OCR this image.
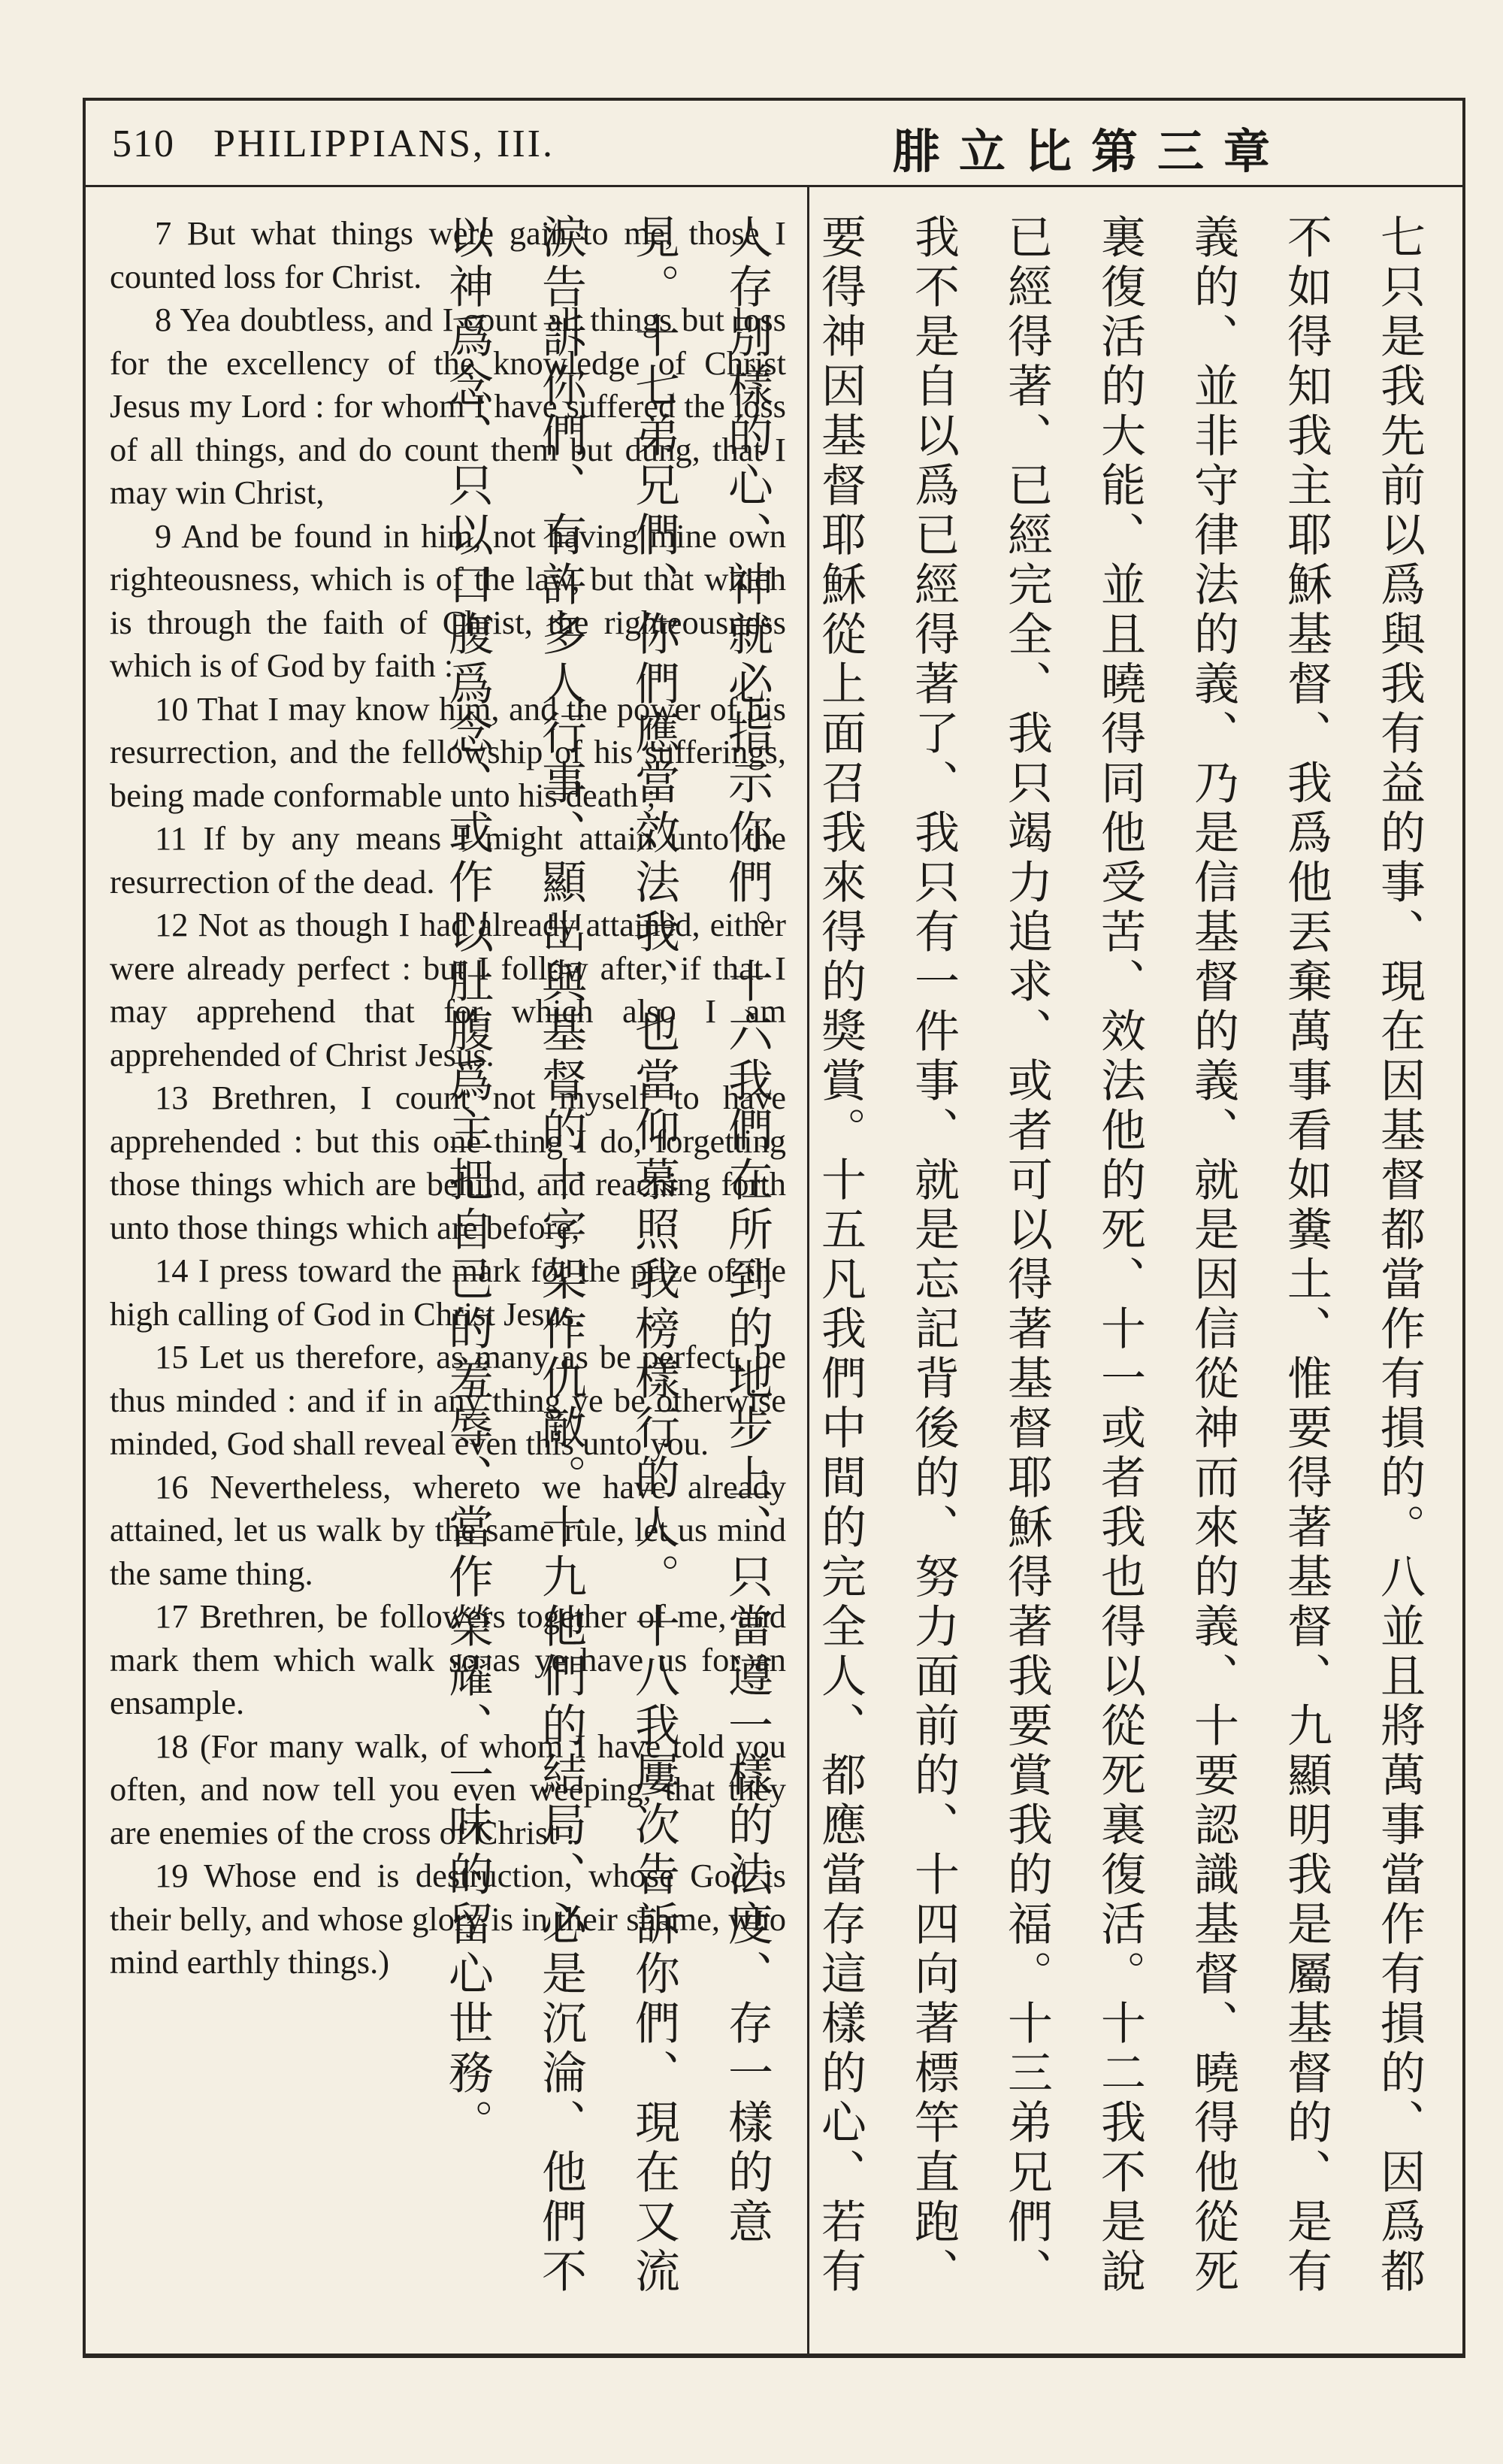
510 PHILIPPIANS, III.	腓立比第三章

7 But what things were gain to me, those I counted loss for Christ.

8 Yea doubtless, and I count all things but loss for the excellency of the knowledge of Christ Jesus my Lord : for whom I have suffered the loss of all things, and do count them but dung, that I may win Christ,

9 And be found in him, not having mine own righteousness, which is of the law, but that which is through the faith of Christ, the righteousness which is of God by faith :

10 That I may know him, and the power of his resurrection, and the fellowship of his sufferings, being made conformable unto his death ;

11 If by any means I might attain unto the resurrection of the dead.

12 Not as though I had already attained, either were already perfect : but I follow after, if that I may apprehend that for which also I am apprehended of Christ Jesus.

13 Brethren, I count not myself to have apprehended : but this one thing I do, forgetting those things which are behind, and reaching forth unto those things which are before,

14 I press toward the mark for the prize of the high calling of God in Christ Jesus.

15 Let us therefore, as many as be perfect, be thus minded : and if in any thing ye be otherwise minded, God shall reveal even this unto you.

16 Nevertheless, whereto we have already attained, let us walk by the same rule, let us mind the same thing.

17 Brethren, be followers together of me, and mark them which walk so as ye have us for an ensample.

18 (For many walk, of whom I have told you often, and now tell you even weeping, that they are enemies of the cross of Christ :

19 Whose end is destruction, whose God is their belly, and whose glory is in their shame, who mind earthly things.)	七只是我先前以爲與我有益的事、現在因基督都當作有損的。八並且將萬事當作有損的、因爲都不如得知我主耶穌基督、我爲他丟棄萬事看如糞土、惟要得著基督、九顯明我是屬基督的、是有義的、並非守律法的義、乃是信基督的義、就是因信從神而來的義、十要認識基督、曉得他從死裏復活的大能、並且曉得同他受苦、效法他的死、十一或者我也得以從死裏復活。十二我不是說已經得著、已經完全、我只竭力追求、或者可以得著基督耶穌得著我要賞我的福。十三弟兄們、我不是自以爲已經得著了、我只有一件事、就是忘記背後的、努力面前的、十四向著標竿直跑、要得神因基督耶穌從上面召我來得的獎賞。十五凡我們中間的完全人、都應當存這樣的心、若有人存別樣的心、神就必指示你們。十六我們在所到的地步上、只當遵一樣的法度、存一樣的意見。十七弟兄們、你們應當效法我、也當仰慕照我榜樣行的人。十八我屢次告訴你們、現在又流淚告訴你們、有許多人行事、顯出與基督的十字架作仇敵。十九他們的結局、必是沉淪、他們不以神爲念、只以口腹爲念、或作以肚腹爲主把自己的羞辱、當作榮耀、一味的留心世務。
